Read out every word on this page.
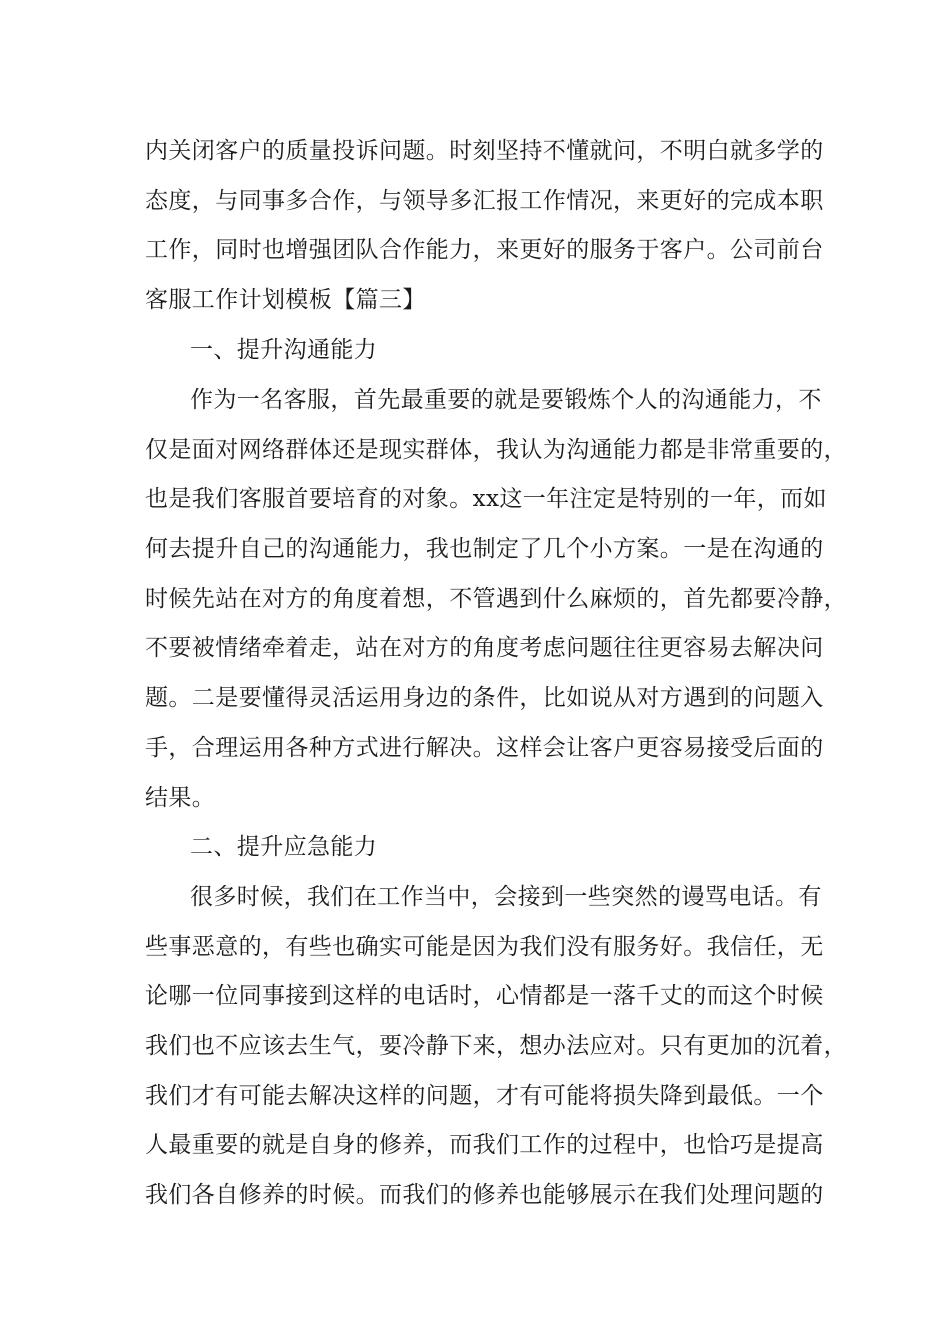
内关闭客户的质量投诉问题。时刻坚持不懂就问，不明白就多学的
态度，与同事多合作，与领导多汇报工作情况，来更好的完成本职
工作，同时也增强团队合作能力，来更好的服务于客户。公司前台
客服工作计划模板【篇三】
一、提升沟通能力
作为一名客服，首先最重要的就是要锻炼个人的沟通能力，不
仅是面对网络群体还是现实群体，我认为沟通能力都是非常重要的，
也是我们客服首要培育的对象。xx这一年注定是特别的一年，而如
何去提升自己的沟通能力，我也制定了几个小方案。一是在沟通的
时候先站在对方的角度着想，不管遇到什么麻烦的，首先都要冷静，
不要被情绪牵着走，站在对方的角度考虑问题往往更容易去解决问
题。二是要懂得灵活运用身边的条件，比如说从对方遇到的问题入
手，合理运用各种方式进行解决。这样会让客户更容易接受后面的
结果。
二、提升应急能力
很多时候，我们在工作当中，会接到一些突然的谩骂电话。有
些事恶意的，有些也确实可能是因为我们没有服务好。我信任，无
论哪一位同事接到这样的电话时，心情都是一落千丈的而这个时候
我们也不应该去生气，要冷静下来，想办法应对。只有更加的沉着，
我们才有可能去解决这样的问题，才有可能将损失降到最低。一个
人最重要的就是自身的修养，而我们工作的过程中，也恰巧是提高
我们各自修养的时候。而我们的修养也能够展示在我们处理问题的
